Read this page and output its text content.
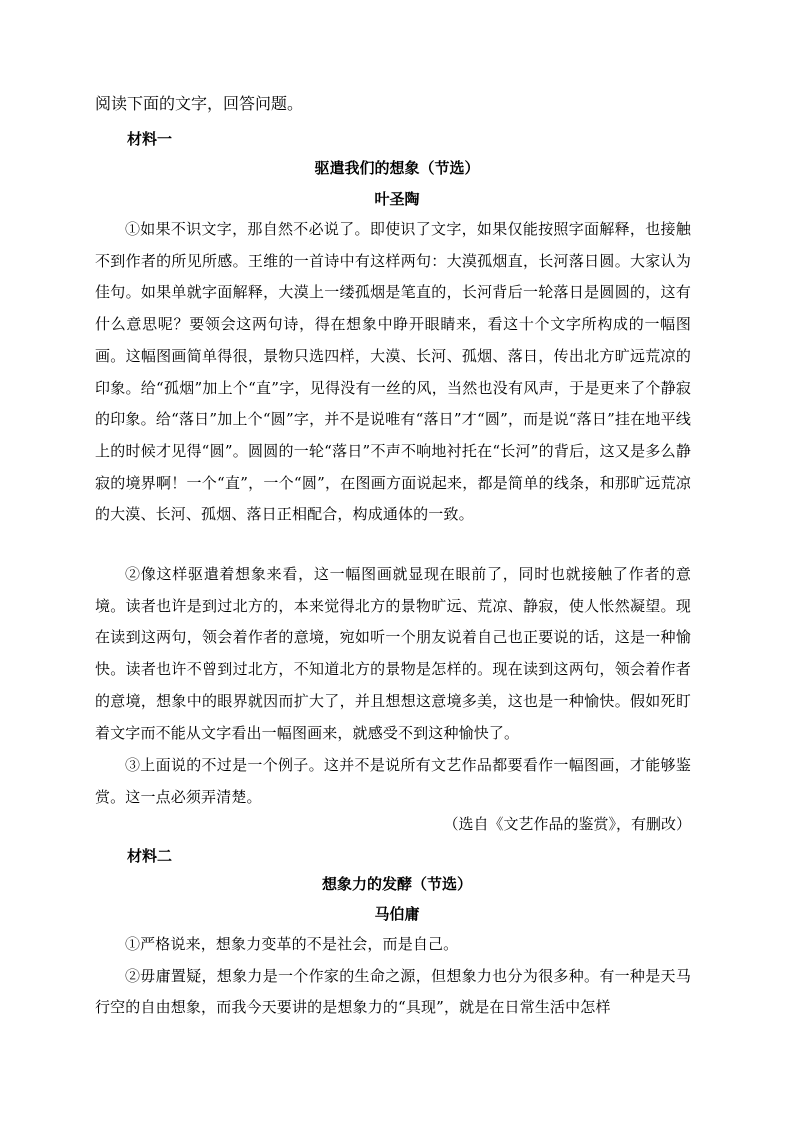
阅读下面的文字，回答问题。
材料一
驱遣我们的想象（节选）
叶圣陶
①如果不识文字，那自然不必说了。即使识了文字，如果仅能按照字面解释，也接触不到作者的所见所感。王维的一首诗中有这样两句：大漠孤烟直，长河落日圆。大家认为佳句。如果单就字面解释，大漠上一缕孤烟是笔直的，长河背后一轮落日是圆圆的，这有什么意思呢？要领会这两句诗，得在想象中睁开眼睛来，看这十个文字所构成的一幅图画。这幅图画简单得很，景物只选四样，大漠、长河、孤烟、落日，传出北方旷远荒凉的印象。给“孤烟”加上个“直”字，见得没有一丝的风，当然也没有风声，于是更来了个静寂的印象。给“落日”加上个“圆”字，并不是说唯有“落日”才“圆”，而是说“落日”挂在地平线上的时候才见得“圆”。圆圆的一轮“落日”不声不响地衬托在“长河”的背后，这又是多么静寂的境界啊！一个“直”，一个“圆”，在图画方面说起来，都是简单的线条，和那旷远荒凉的大漠、长河、孤烟、落日正相配合，构成通体的一致。
②像这样驱遣着想象来看，这一幅图画就显现在眼前了，同时也就接触了作者的意境。读者也许是到过北方的，本来觉得北方的景物旷远、荒凉、静寂，使人怅然凝望。现在读到这两句，领会着作者的意境，宛如听一个朋友说着自己也正要说的话，这是一种愉快。读者也许不曾到过北方，不知道北方的景物是怎样的。现在读到这两句，领会着作者的意境，想象中的眼界就因而扩大了，并且想想这意境多美，这也是一种愉快。假如死盯着文字而不能从文字看出一幅图画来，就感受不到这种愉快了。
③上面说的不过是一个例子。这并不是说所有文艺作品都要看作一幅图画，才能够鉴赏。这一点必须弄清楚。
（选自《文艺作品的鉴赏》，有删改）
材料二
想象力的发酵（节选）
马伯庸
①严格说来，想象力变革的不是社会，而是自己。
②毋庸置疑，想象力是一个作家的生命之源，但想象力也分为很多种。有一种是天马行空的自由想象，而我今天要讲的是想象力的“具现”，就是在日常生活中怎样
